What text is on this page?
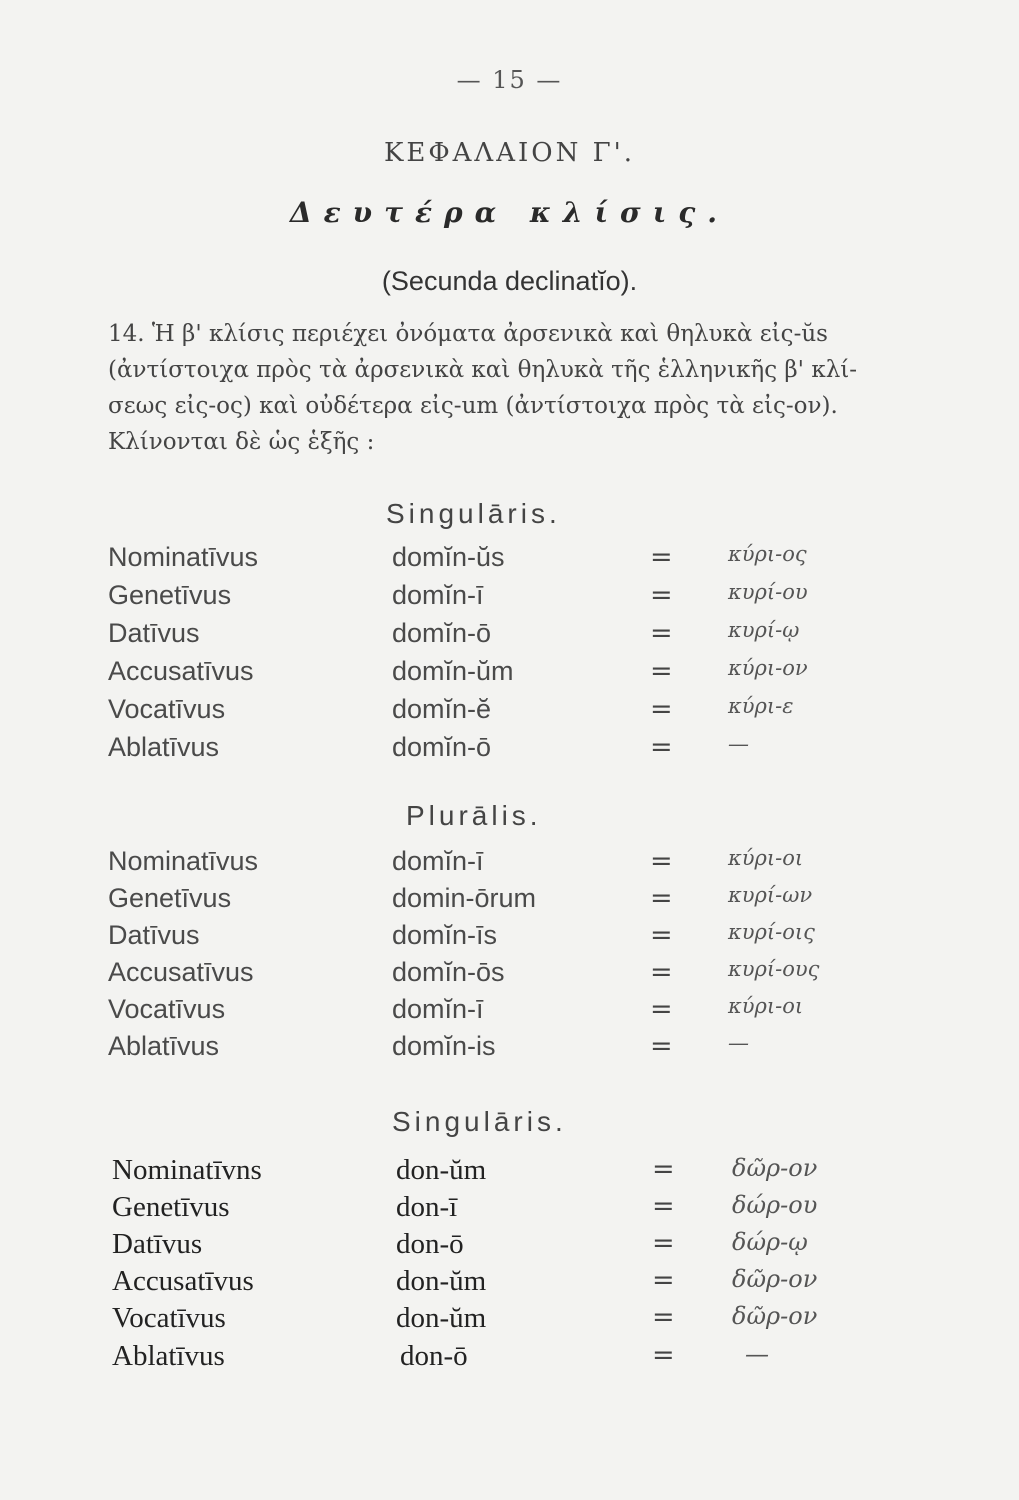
— 15 —
ΚΕΦΑΛΑΙΟΝ Γ'.
Δευτέρα κλίσις.
(Secunda declinatĭo).
14. Ἡ β' κλίσις περιέχει ὀνόματα ἀρσενικὰ καὶ θηλυκὰ εἰς-ŭs
(ἀντίστοιχα πρὸς τὰ ἀρσενικὰ καὶ θηλυκὰ τῆς ἑλληνικῆς β' κλί-
σεως εἰς-ος) καὶ οὐδέτερα εἰς-um (ἀντίστοιχα πρὸς τὰ εἰς-ον).
Κλίνονται δὲ ὡς ἑξῆς :
Singulāris.
Nominatīvus	domĭn-ŭs	=	κύρι-ος
Genetīvus	domĭn-ī	=	κυρί-ου
Datīvus	domĭn-ō	=	κυρί-ῳ
Accusatīvus	domĭn-ŭm	=	κύρι-ον
Vocatīvus	domĭn-ĕ	=	κύρι-ε
Ablatīvus	domĭn-ō	=	—
Plurālis.
Nominatīvus	domĭn-ī	=	κύρι-οι
Genetīvus	domin-ōrum	=	κυρί-ων
Datīvus	domĭn-īs	=	κυρί-οις
Accusatīvus	domĭn-ōs	=	κυρί-ους
Vocatīvus	domĭn-ī	=	κύρι-οι
Ablatīvus	domĭn-is	=	—
Singulāris.
Nominatīvns	don-ŭm	= δῶρ-ον
Genetīvus	don-ī	= δώρ-ου
Datīvus	don-ō	= δώρ-ῳ
Accusatīvus	don-ŭm	= δῶρ-ον
Vocatīvus	don-ŭm	= δῶρ-ον
Ablatīvus	don-ō	=	—
